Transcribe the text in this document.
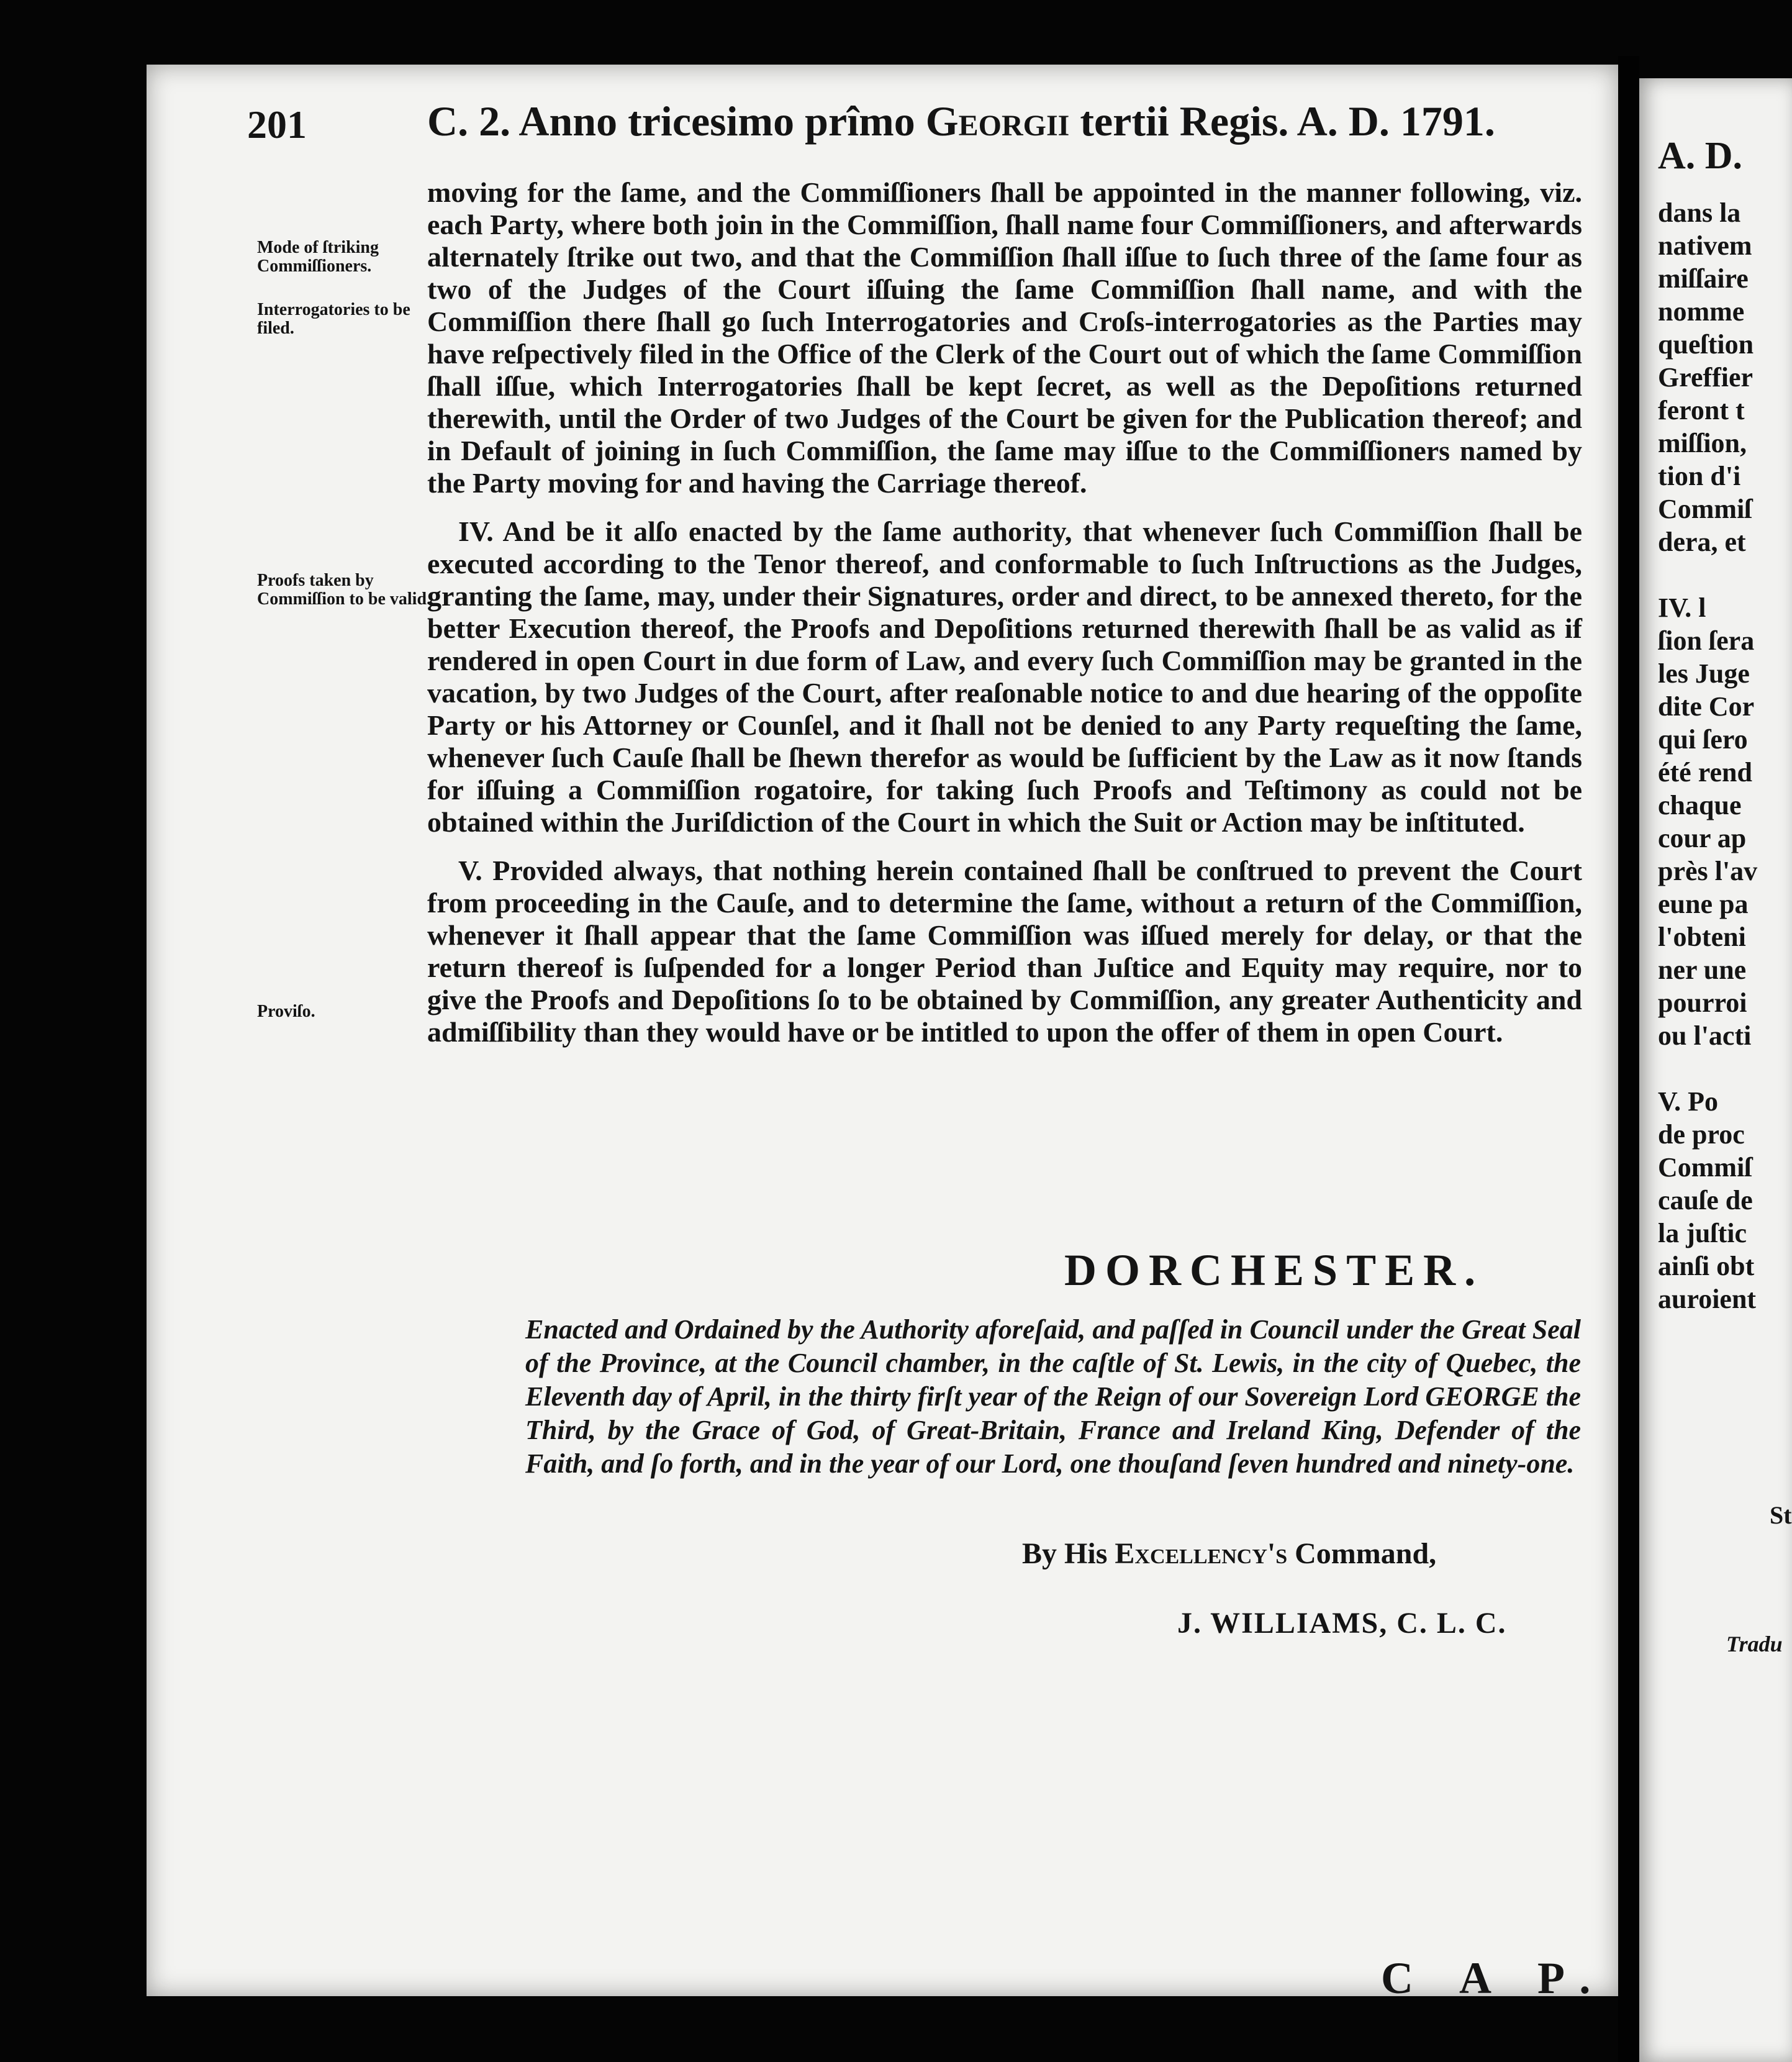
A. D.
dans la
nativem
miſſaire
nomme
queſtion
Greffier
feront t
miſſion,
tion d'i
Commiſ
dera, et
IV. l
ſion ſera
les Juge
dite Cor
qui ſero
été rend
chaque
cour ap
près l'av
eune pa
l'obteni
ner une
pourroi
ou l'acti
V. Po
de proc
Commiſ
cauſe de
la juſtic
ainſi obt
auroient
St
Tradu
201	C. 2. Anno tricesimo prîmo Georgii tertii Regis. A. D. 1791.
Mode of ſtriking Commiſſioners.
Interrogatories to be filed.
Proofs taken by Commiſſion to be valid.
Proviſo.

moving for the ſame, and the Commiſſioners ſhall be appointed in the manner following, viz. each Party, where both join in the Commiſſion, ſhall name four Commiſſioners, and afterwards alternately ſtrike out two, and that the Commiſſion ſhall iſſue to ſuch three of the ſame four as two of the Judges of the Court iſſuing the ſame Commiſſion ſhall name, and with the Commiſſion there ſhall go ſuch Interrogatories and Croſs-interrogatories as the Parties may have reſpectively filed in the Office of the Clerk of the Court out of which the ſame Commiſſion ſhall iſſue, which Interrogatories ſhall be kept ſecret, as well as the Depoſitions returned therewith, until the Order of two Judges of the Court be given for the Publication thereof; and in Default of joining in ſuch Commiſſion, the ſame may iſſue to the Commiſſioners named by the Party moving for and having the Carriage thereof.

IV. And be it alſo enacted by the ſame authority, that whenever ſuch Commiſſion ſhall be executed according to the Tenor thereof, and conformable to ſuch Inſtructions as the Judges, granting the ſame, may, under their Signatures, order and direct, to be annexed thereto, for the better Execution thereof, the Proofs and Depoſitions returned therewith ſhall be as valid as if rendered in open Court in due form of Law, and every ſuch Commiſſion may be granted in the vacation, by two Judges of the Court, after reaſonable notice to and due hearing of the oppoſite Party or his Attorney or Counſel, and it ſhall not be denied to any Party requeſting the ſame, whenever ſuch Cauſe ſhall be ſhewn therefor as would be ſufficient by the Law as it now ſtands for iſſuing a Commiſſion rogatoire, for taking ſuch Proofs and Teſtimony as could not be obtained within the Juriſdiction of the Court in which the Suit or Action may be inſtituted.

V. Provided always, that nothing herein contained ſhall be conſtrued to prevent the Court from proceeding in the Cauſe, and to determine the ſame, without a return of the Commiſſion, whenever it ſhall appear that the ſame Commiſſion was iſſued merely for delay, or that the return thereof is ſuſpended for a longer Period than Juſtice and Equity may require, nor to give the Proofs and Depoſitions ſo to be obtained by Commiſſion, any greater Authenticity and admiſſibility than they would have or be intitled to upon the offer of them in open Court.

DORCHESTER.
Enacted and Ordained by the Authority aforeſaid, and paſſed in Council under the Great Seal of the Province, at the Council chamber, in the caſtle of St. Lewis, in the city of Quebec, the Eleventh day of April, in the thirty firſt year of the Reign of our Sovereign Lord GEORGE the Third, by the Grace of God, of Great-Britain, France and Ireland King, Defender of the Faith, and ſo forth, and in the year of our Lord, one thouſand ſeven hundred and ninety-one.
By His Excellency's Command,
J. WILLIAMS, C. L. C.
C A P.
